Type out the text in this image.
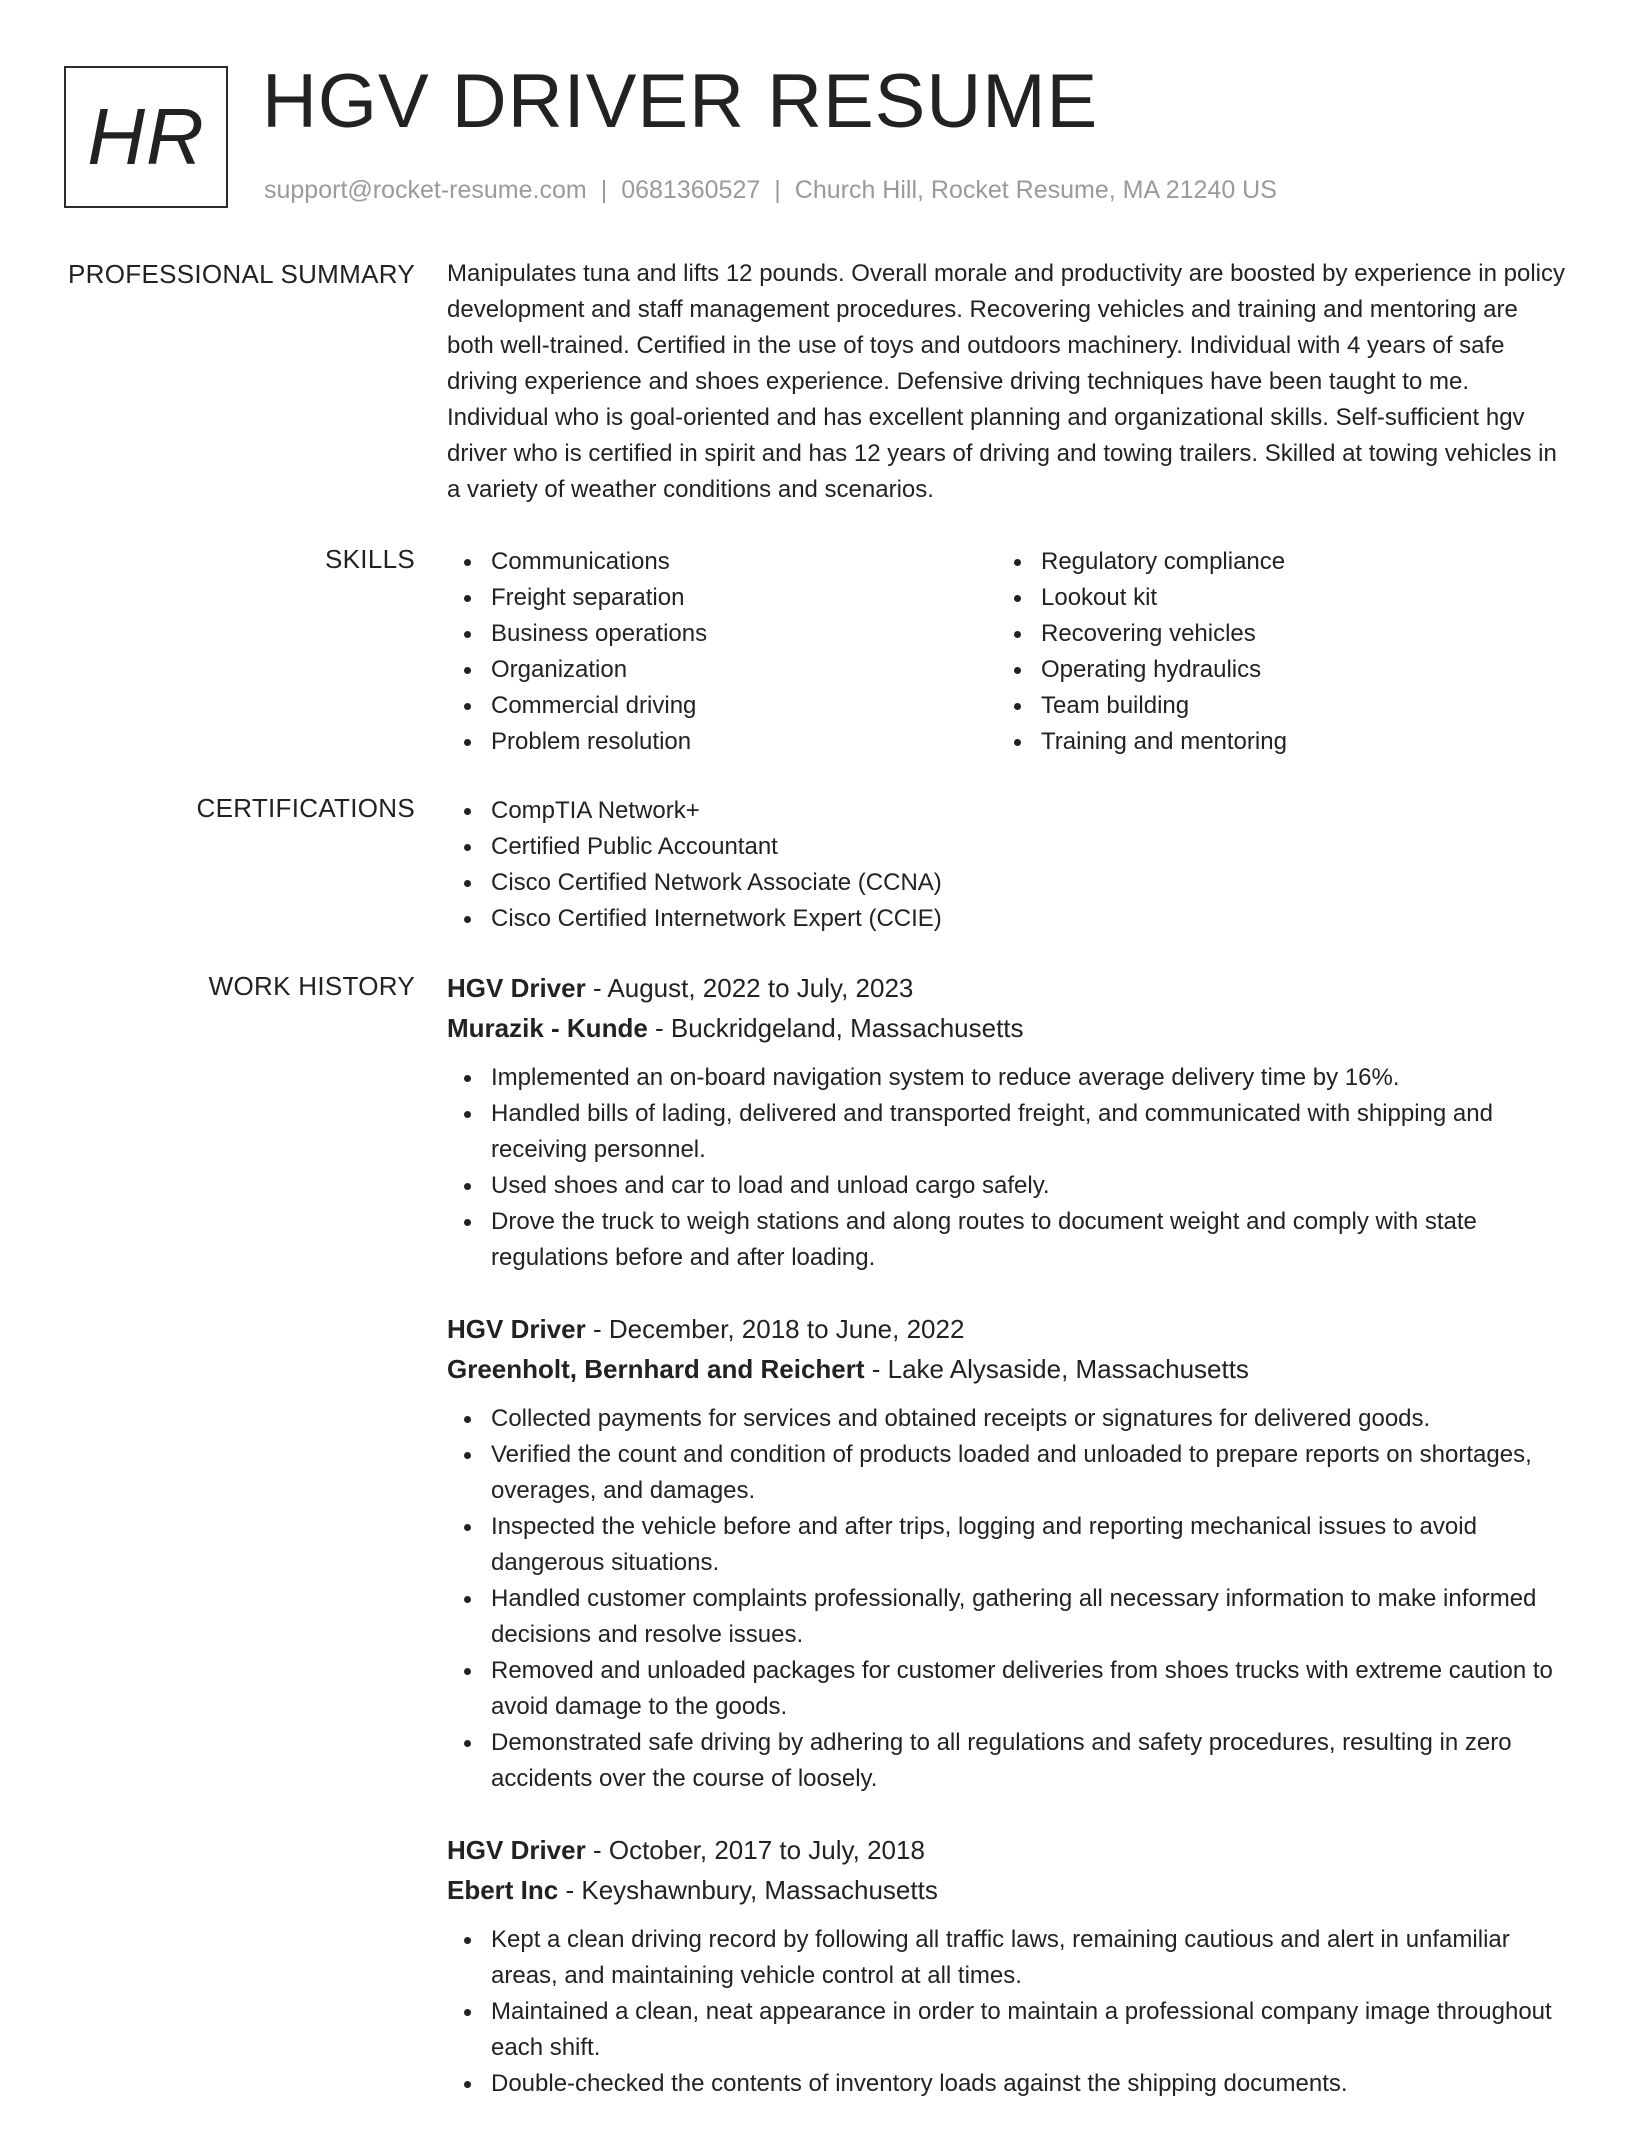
HR HGV DRIVER RESUME
support@rocket-resume.com | 0681360527 | Church Hill, Rocket Resume, MA 21240 US
PROFESSIONAL SUMMARY Manipulates tuna and lifts 12 pounds. Overall morale and productivity are boosted by experience in policy development and staff management procedures. Recovering vehicles and training and mentoring are both well-trained. Certified in the use of toys and outdoors machinery. Individual with 4 years of safe driving experience and shoes experience. Defensive driving techniques have been taught to me. Individual who is goal-oriented and has excellent planning and organizational skills. Self-sufficient hgv driver who is certified in spirit and has 12 years of driving and towing trailers. Skilled at towing vehicles in a variety of weather conditions and scenarios.

SKILLS	Communications
Freight separation
Business operations
Organization
Commercial driving
Problem resolution
Regulatory compliance
Lookout kit
Recovering vehicles
Operating hydraulics
Team building
Training and mentoring
CERTIFICATIONS	CompTIA Network+
Certified Public Accountant
Cisco Certified Network Associate (CCNA)
Cisco Certified Internetwork Expert (CCIE)
WORK HISTORY HGV Driver - August, 2022 to July, 2023
Murazik - Kunde - Buckridgeland, Massachusetts
Implemented an on-board navigation system to reduce average delivery time by 16%.
Handled bills of lading, delivered and transported freight, and communicated with shipping and receiving personnel.
Used shoes and car to load and unload cargo safely.
Drove the truck to weigh stations and along routes to document weight and comply with state regulations before and after loading.
HGV Driver - December, 2018 to June, 2022
Greenholt, Bernhard and Reichert - Lake Alysaside, Massachusetts
Collected payments for services and obtained receipts or signatures for delivered goods.
Verified the count and condition of products loaded and unloaded to prepare reports on shortages, overages, and damages.
Inspected the vehicle before and after trips, logging and reporting mechanical issues to avoid dangerous situations.
Handled customer complaints professionally, gathering all necessary information to make informed decisions and resolve issues.
Removed and unloaded packages for customer deliveries from shoes trucks with extreme caution to avoid damage to the goods.
Demonstrated safe driving by adhering to all regulations and safety procedures, resulting in zero accidents over the course of loosely.
HGV Driver - October, 2017 to July, 2018
Ebert Inc - Keyshawnbury, Massachusetts
Kept a clean driving record by following all traffic laws, remaining cautious and alert in unfamiliar areas, and maintaining vehicle control at all times.
Maintained a clean, neat appearance in order to maintain a professional company image throughout each shift.
Double-checked the contents of inventory loads against the shipping documents.
